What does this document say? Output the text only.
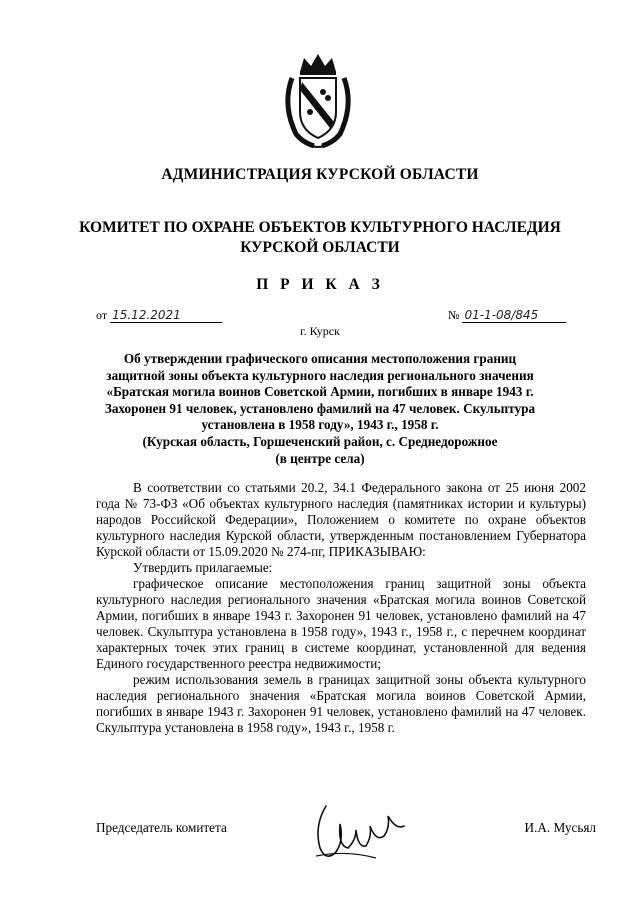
АДМИНИСТРАЦИЯ КУРСКОЙ ОБЛАСТИ
КОМИТЕТ ПО ОХРАНЕ ОБЪЕКТОВ КУЛЬТУРНОГО НАСЛЕДИЯ
КУРСКОЙ ОБЛАСТИ
П Р И К А З
от 15.12.2021	№ 01-1-08/845
г. Курск
Об утверждении графического описания местоположения границ
защитной зоны объекта культурного наследия регионального значения
«Братская могила воинов Советской Армии, погибших в январе 1943 г.
Захоронен 91 человек, установлено фамилий на 47 человек. Скульптура
установлена в 1958 году», 1943 г., 1958 г.
(Курская область, Горшеченский район, с. Среднедорожное
(в центре села)

В соответствии со статьями 20.2, 34.1 Федерального закона от 25 июня 2002 года № 73-ФЗ «Об объектах культурного наследия (памятниках истории и культуры) народов Российской Федерации», Положением о комитете по охране объектов культурного наследия Курской области, утвержденным постановлением Губернатора Курской области от 15.09.2020 № 274-пг, ПРИКАЗЫВАЮ:

Утвердить прилагаемые:

графическое описание местоположения границ защитной зоны объекта культурного наследия регионального значения «Братская могила воинов Советской Армии, погибших в январе 1943 г. Захоронен 91 человек, установлено фамилий на 47 человек. Скульптура установлена в 1958 году», 1943 г., 1958 г., с перечнем координат характерных точек этих границ в системе координат, установленной для ведения Единого государственного реестра недвижимости;

режим использования земель в границах защитной зоны объекта культурного наследия регионального значения «Братская могила воинов Советской Армии, погибших в январе 1943 г. Захоронен 91 человек, установлено фамилий на 47 человек. Скульптура установлена в 1958 году», 1943 г., 1958 г.

Председатель комитета	И.А. Мусьял
